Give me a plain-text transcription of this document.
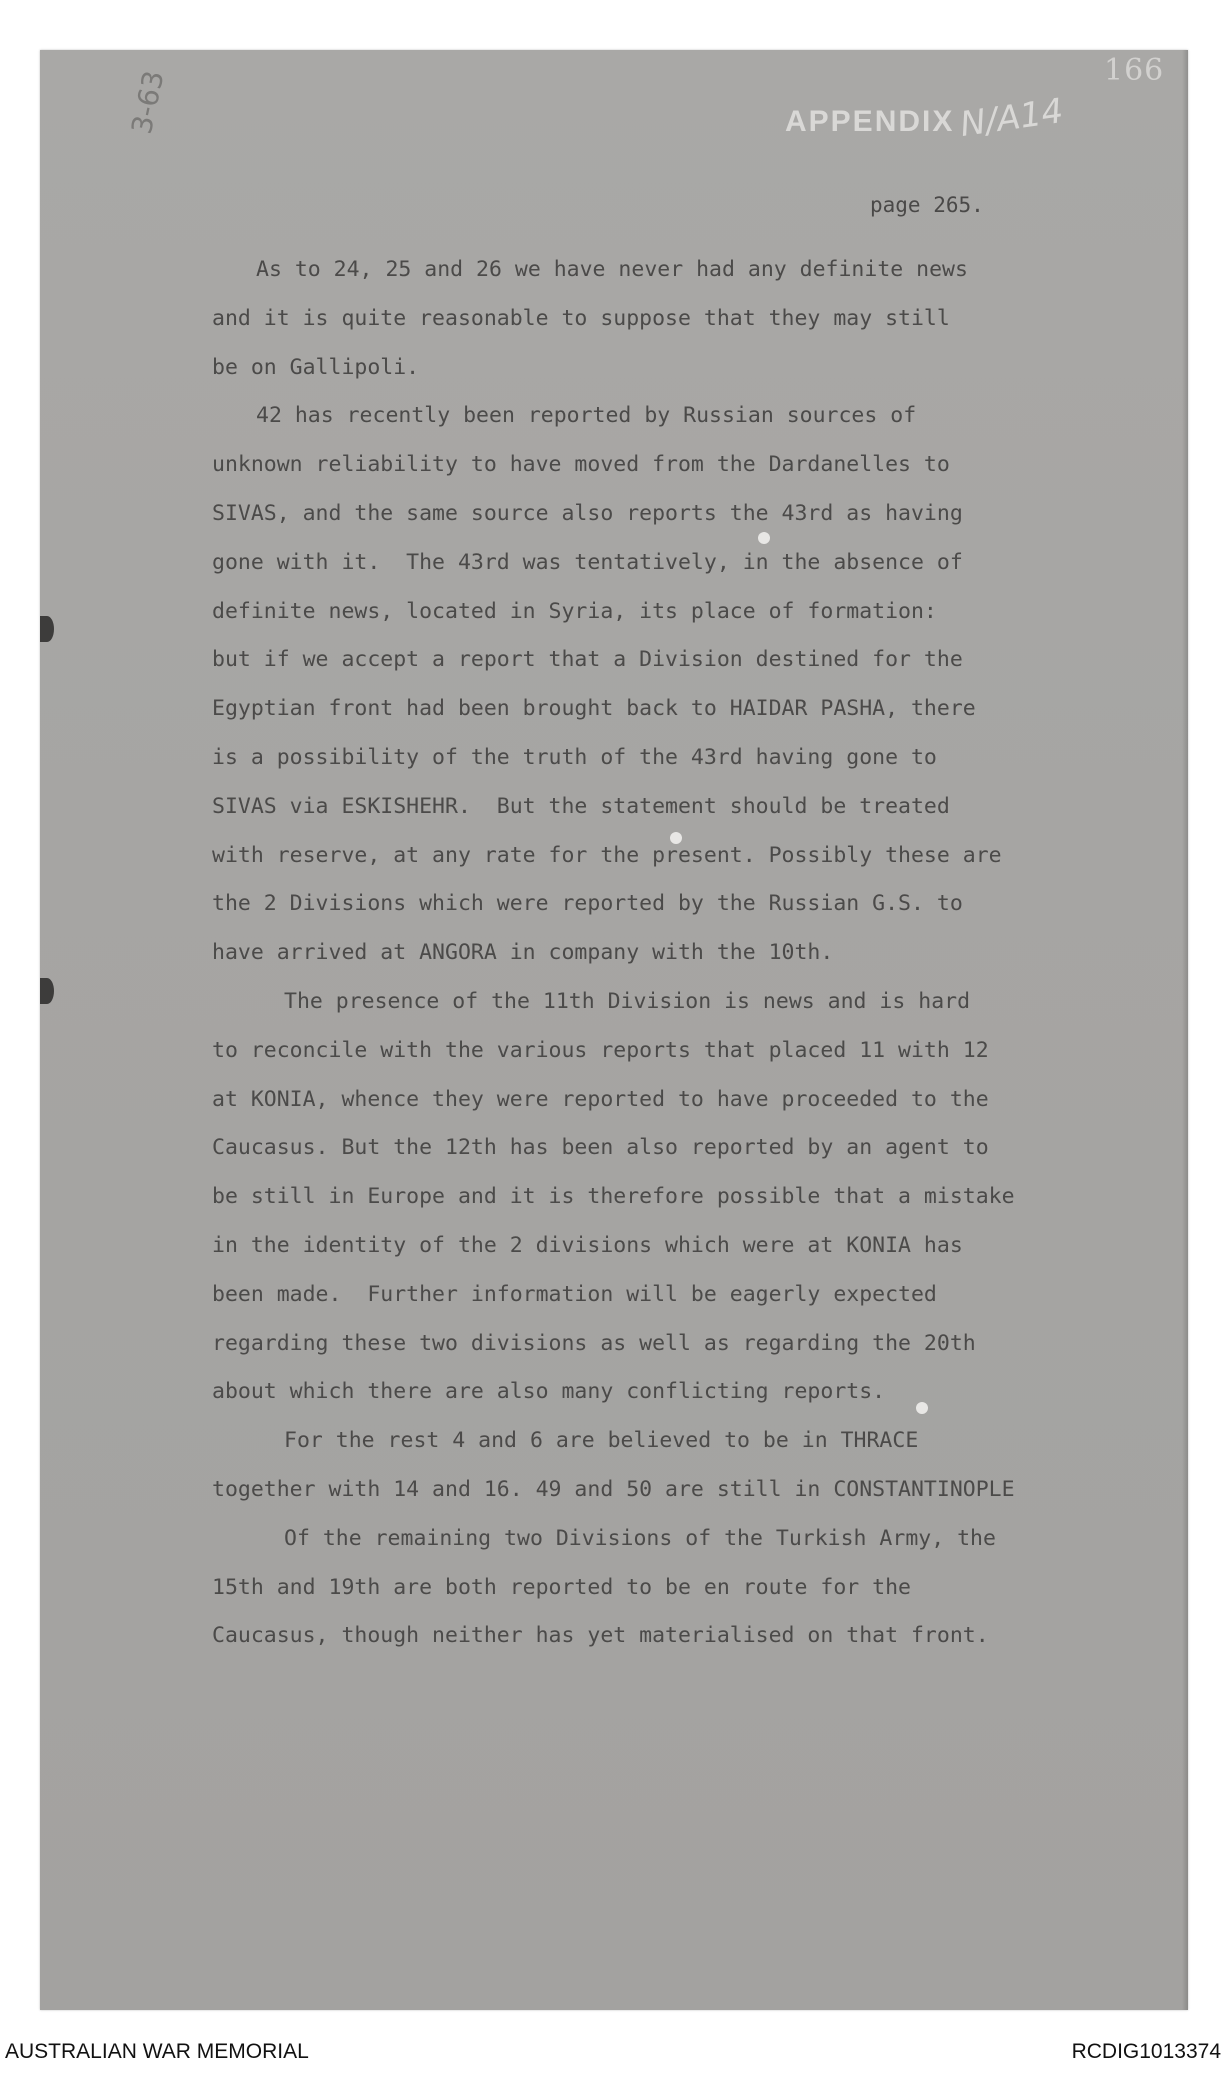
166
APPENDIX N/A14
3-63
page 265.
As to 24, 25 and 26 we have never had any definite news
and it is quite reasonable to suppose that they may still
be on Gallipoli.
42 has recently been reported by Russian sources of
unknown reliability to have moved from the Dardanelles to
SIVAS, and the same source also reports the 43rd as having
gone with it.  The 43rd was tentatively, in the absence of
definite news, located in Syria, its place of formation:
but if we accept a report that a Division destined for the
Egyptian front had been brought back to HAIDAR PASHA, there
is a possibility of the truth of the 43rd having gone to
SIVAS via ESKISHEHR.  But the statement should be treated
with reserve, at any rate for the present. Possibly these are
the 2 Divisions which were reported by the Russian G.S. to
have arrived at ANGORA in company with the 10th.
The presence of the 11th Division is news and is hard
to reconcile with the various reports that placed 11 with 12
at KONIA, whence they were reported to have proceeded to the
Caucasus. But the 12th has been also reported by an agent to
be still in Europe and it is therefore possible that a mistake
in the identity of the 2 divisions which were at KONIA has
been made.  Further information will be eagerly expected
regarding these two divisions as well as regarding the 20th
about which there are also many conflicting reports.
For the rest 4 and 6 are believed to be in THRACE
together with 14 and 16. 49 and 50 are still in CONSTANTINOPLE
Of the remaining two Divisions of the Turkish Army, the
15th and 19th are both reported to be en route for the
Caucasus, though neither has yet materialised on that front.
AUSTRALIAN WAR MEMORIAL	RCDIG1013374
